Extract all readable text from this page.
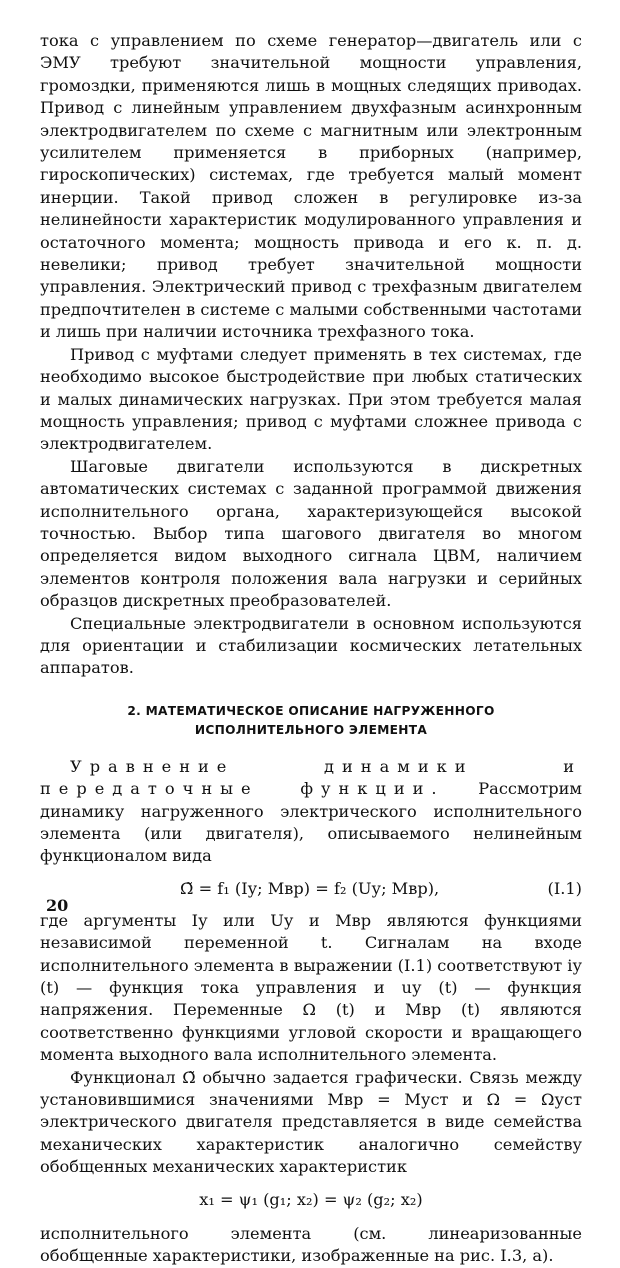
тока с управлением по схеме генератор—двигатель или с ЭМУ требуют значительной мощности управления, громоздки, применяются лишь в мощных следящих приводах. Привод с линейным управлением двухфазным асинхронным электродвигателем по схеме с магнитным или электронным усилителем применяется в приборных (например, гироскопических) системах, где требуется малый момент инерции. Такой привод сложен в регулировке из-за нелинейности характеристик модулированного управления и остаточного момента; мощность привода и его к. п. д. невелики; привод требует значительной мощности управления. Электрический привод с трехфазным двигателем предпочтителен в системе с малыми собственными частотами и лишь при наличии источника трехфазного тока.

Привод с муфтами следует применять в тех системах, где необходимо высокое быстродействие при любых статических и малых динамических нагрузках. При этом требуется малая мощность управления; привод с муфтами сложнее привода с электродвигателем.

Шаговые двигатели используются в дискретных автоматических системах с заданной программой движения исполнительного органа, характеризующейся высокой точностью. Выбор типа шагового двигателя во многом определяется видом выходного сигнала ЦВМ, наличием элементов контроля положения вала нагрузки и серийных образцов дискретных преобразователей.

Специальные электродвигатели в основном используются для ориентации и стабилизации космических летательных аппаратов.

2. МАТЕМАТИЧЕСКОЕ ОПИСАНИЕ НАГРУЖЕННОГО
ИСПОЛНИТЕЛЬНОГО ЭЛЕМЕНТА

Уравнение динамики и передаточные функции. Рассмотрим динамику нагруженного электрического исполнительного элемента (или двигателя), описываемого нелинейным функционалом вида

Ω̃ = f₁ (Iу; Mвр) = f₂ (Uу; Mвр),	(I.1)

где аргументы Iу или Uу и Mвр являются функциями независимой переменной t. Сигналам на входе исполнительного элемента в выражении (I.1) соответствуют iу (t) — функция тока управления и uу (t) — функция напряжения. Переменные Ω (t) и Mвр (t) являются соответственно функциями угловой скорости и вращающего момента выходного вала исполнительного элемента.

Функционал Ω̃ обычно задается графически. Связь между установившимися значениями Mвр = Mуст и Ω = Ωуст электрического двигателя представляется в виде семейства механических характеристик аналогично семейству обобщенных механических характеристик

x₁ = ψ₁ (g₁; x₂) = ψ₂ (g₂; x₂)

исполнительного элемента (см. линеаризованные обобщенные характеристики, изображенные на рис. I.3, а).

20
